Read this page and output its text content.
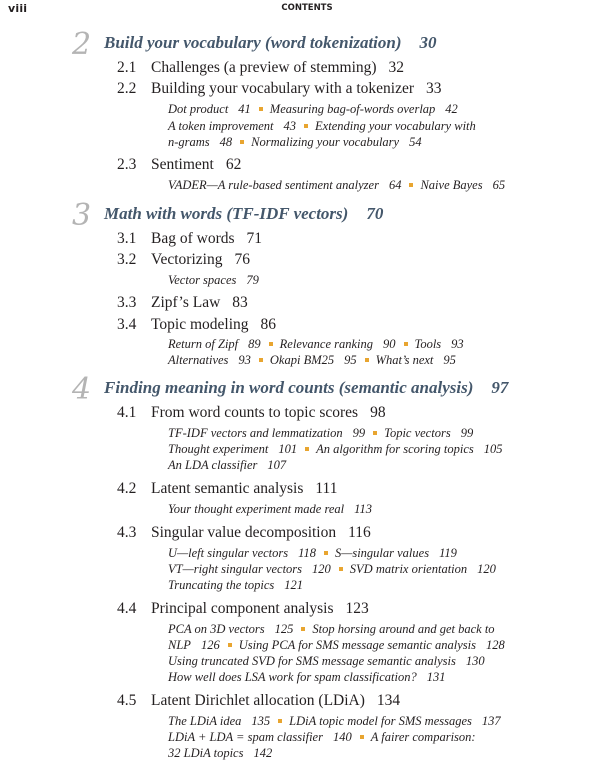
viii	CONTENTS
2 Build your vocabulary (word tokenization) 30
2.1 Challenges (a preview of stemming) 32
2.2 Building your vocabulary with a tokenizer 33
Dot product 41 Measuring bag-of-words overlap 42
A token improvement 43 Extending your vocabulary with
n-grams 48 Normalizing your vocabulary 54
2.3 Sentiment 62
VADER—A rule-based sentiment analyzer 64 Naive Bayes 65
3 Math with words (TF-IDF vectors) 70
3.1 Bag of words 71
3.2 Vectorizing 76
Vector spaces 79
3.3 Zipf’s Law 83
3.4 Topic modeling 86
Return of Zipf 89 Relevance ranking 90 Tools 93
Alternatives 93 Okapi BM25 95 What’s next 95
4 Finding meaning in word counts (semantic analysis) 97
4.1 From word counts to topic scores 98
TF-IDF vectors and lemmatization 99 Topic vectors 99
Thought experiment 101 An algorithm for scoring topics 105
An LDA classifier 107
4.2 Latent semantic analysis 111
Your thought experiment made real 113
4.3 Singular value decomposition 116
U—left singular vectors 118 S—singular values 119
VT—right singular vectors 120 SVD matrix orientation 120
Truncating the topics 121
4.4 Principal component analysis 123
PCA on 3D vectors 125 Stop horsing around and get back to
NLP 126 Using PCA for SMS message semantic analysis 128
Using truncated SVD for SMS message semantic analysis 130
How well does LSA work for spam classification? 131
4.5 Latent Dirichlet allocation (LDiA) 134
The LDiA idea 135 LDiA topic model for SMS messages 137
LDiA + LDA = spam classifier 140 A fairer comparison:
32 LDiA topics 142
